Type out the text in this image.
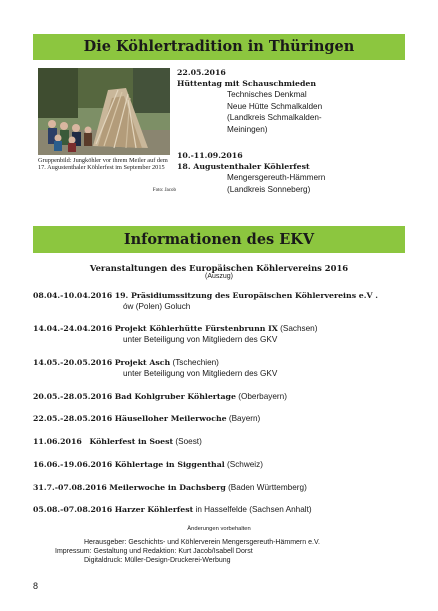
Die Köhlertradition in Thüringen
Gruppenbild: Jungköhler vor ihrem Meiler auf dem 17. Augustenthaler Köhlerfest im September 2015
Foto: Jacob
22.05.2016
Hüttentag mit Schauschmieden
Technisches Denkmal
Neue Hütte Schmalkalden
(Landkreis Schmalkalden-
Meiningen)
10.-11.09.2016
18. Augustenthaler Köhlerfest
Mengersgereuth-Hämmern
(Landkreis Sonneberg)
Informationen des EKV
Veranstaltungen des Europäischen Köhlervereins 2016
(Auszug)
08.04.-10.04.2016 19. Präsidiumssitzung des Europäischen Köhlervereins e.V .
ów (Polen) Goluch
14.04.-24.04.2016 Projekt Köhlerhütte Fürstenbrunn IX (Sachsen)
unter Beteiligung von Mitgliedern des GKV
14.05.-20.05.2016 Projekt Asch (Tschechien)
unter Beteiligung von Mitgliedern des GKV
20.05.-28.05.2016 Bad Kohlgruber Köhlertage (Oberbayern)
22.05.-28.05.2016 Häuselloher Meilerwoche (Bayern)
11.06.2016 Köhlerfest in Soest (Soest)
16.06.-19.06.2016 Köhlertage in Siggenthal (Schweiz)
31.7.-07.08.2016 Meilerwoche in Dachsberg (Baden Württemberg)
05.08.-07.08.2016 Harzer Köhlerfest in Hasselfelde (Sachsen Anhalt)
Änderungen vorbehalten
Herausgeber: Geschichts- und Köhlerverein Mengersgereuth-Hämmern e.V.
Impressum: Gestaltung und Redaktion: Kurt Jacob/Isabell Dorst
Digitaldruck: Müller-Design-Druckerei-Werbung
8
